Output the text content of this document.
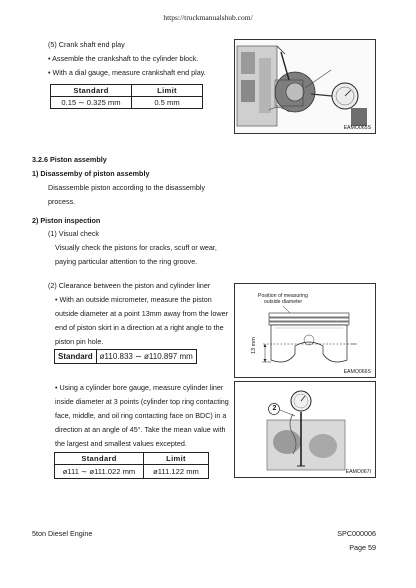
https://truckmanualshub.com/
(5) Crank shaft end play
• Assemble the crankshaft to the cylinder block.
• With a dial gauge, measure crankshaft end play.
Standard	Limit
0.15 ∼ 0.325 mm	0.5 mm
EAMO065S
3.2.6 Piston assembly
1) Disassemby of piston assembly
Disassemble piston according to the disassembly
process.
2) Piston inspection
(1) Visual check
Visually check the pistons for cracks, scuff or wear,
paying particular attention to the ring groove.
(2) Clearance between the piston and cylinder liner
• With an outside micrometer, measure the piston
outside diameter at a point 13mm away from the lower
end of piston skirt in a direction at a right angle to the
piston pin hole.
Standard	ø110.833 ∼ ø110.897 mm
Position of measuring
outside diameter
13 mm
EAMO066S
• Using a cylinder bore gauge, measure cylinder liner
inside diameter at 3 points (cylinder top ring contacting
face, middle, and oil ring contacting face on BDC) in a
direction at an angle of 45°. Take the mean value with
the largest and smallest values excepted.
Standard	Limit
ø111 ∼ ø111.022 mm	ø111.122 mm
2
EAMO067I
5ton Diesel Engine	SPC000006
Page 59
